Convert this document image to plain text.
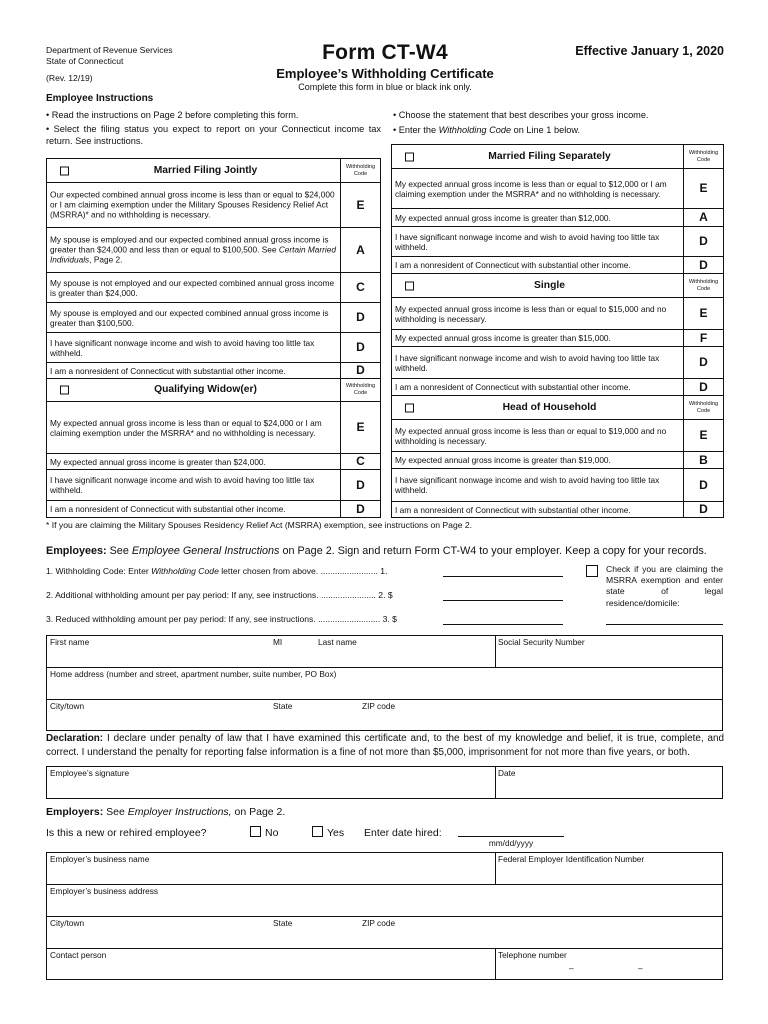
Department of Revenue Services
State of Connecticut
(Rev. 12/19)
Form CT-W4
Employee’s Withholding Certificate
Complete this form in blue or black ink only.
Effective January 1, 2020
Employee Instructions
• Read the instructions on Page 2 before completing this form.
• Select the filing status you expect to report on your Connecticut income tax return. See instructions.
• Choose the statement that best describes your gross income.
• Enter the Withholding Code on Line 1 below.
Married Filing Jointly	Withholding Code
Our expected combined annual gross income is less than or equal to $24,000 or I am claiming exemption under the Military Spouses Residency Relief Act (MSRRA)* and no withholding is necessary.
E
My spouse is employed and our expected combined annual gross income is greater than $24,000 and less than or equal to $100,500. See Certain Married Individuals, Page 2.
A
My spouse is not employed and our expected combined annual gross income is greater than $24,000.	C
My spouse is employed and our expected combined annual gross income is greater than $100,500.	D
I have significant nonwage income and wish to avoid having too little tax withheld.	D
I am a nonresident of Connecticut with substantial other income.	D
Qualifying Widow(er)	Withholding Code
My expected annual gross income is less than or equal to $24,000 or I am claiming exemption under the MSRRA* and no withholding is necessary.	E
My expected annual gross income is greater than $24,000.	C
I have significant nonwage income and wish to avoid having too little tax withheld.	D
I am a nonresident of Connecticut with substantial other income.	D
Married Filing Separately	Withholding Code
My expected annual gross income is less than or equal to $12,000 or I am claiming exemption under the MSRRA* and no withholding is necessary.	E
My expected annual gross income is greater than $12,000.	A
I have significant nonwage income and wish to avoid having too little tax withheld.	D
I am a nonresident of Connecticut with substantial other income.	D
Single	Withholding Code
My expected annual gross income is less than or equal to $15,000 and no withholding is necessary.	E
My expected annual gross income is greater than $15,000.	F
I have significant nonwage income and wish to avoid having too little tax withheld.	D
I am a nonresident of Connecticut with substantial other income.	D
Head of Household	Withholding Code
My expected annual gross income is less than or equal to $19,000 and no withholding is necessary.	E
My expected annual gross income is greater than $19,000.	B
I have significant nonwage income and wish to avoid having too little tax withheld.	D
I am a nonresident of Connecticut with substantial other income.	D
* If you are claiming the Military Spouses Residency Relief Act (MSRRA) exemption, see instructions on Page 2.
Employees: See Employee General Instructions on Page 2. Sign and return Form CT-W4 to your employer. Keep a copy for your records.
1. Withholding Code: Enter Withholding Code letter chosen from above. ........................ 1.
2. Additional withholding amount per pay period: If any, see instructions. ....................... 2. $
3. Reduced withholding amount per pay period: If any, see instructions. .......................... 3. $
Check if you are claiming the MSRRA exemption and enter state of legal residence/domicile:
First name	MI	Last name	Social Security Number
Home address (number and street, apartment number, suite number, PO Box)
City/town	State	ZIP code
Declaration: I declare under penalty of law that I have examined this certificate and, to the best of my knowledge and belief, it is true, complete, and correct. I understand the penalty for reporting false information is a fine of not more than $5,000, imprisonment for not more than five years, or both.
Employee’s signature	Date
Employers: See Employer Instructions, on Page 2.
Is this a new or rehired employee?	No	Yes Enter date hired:
mm/dd/yyyy
Employer’s business name	Federal Employer Identification Number
Employer’s business address
City/town	State	ZIP code
Contact person	Telephone number
–	–
